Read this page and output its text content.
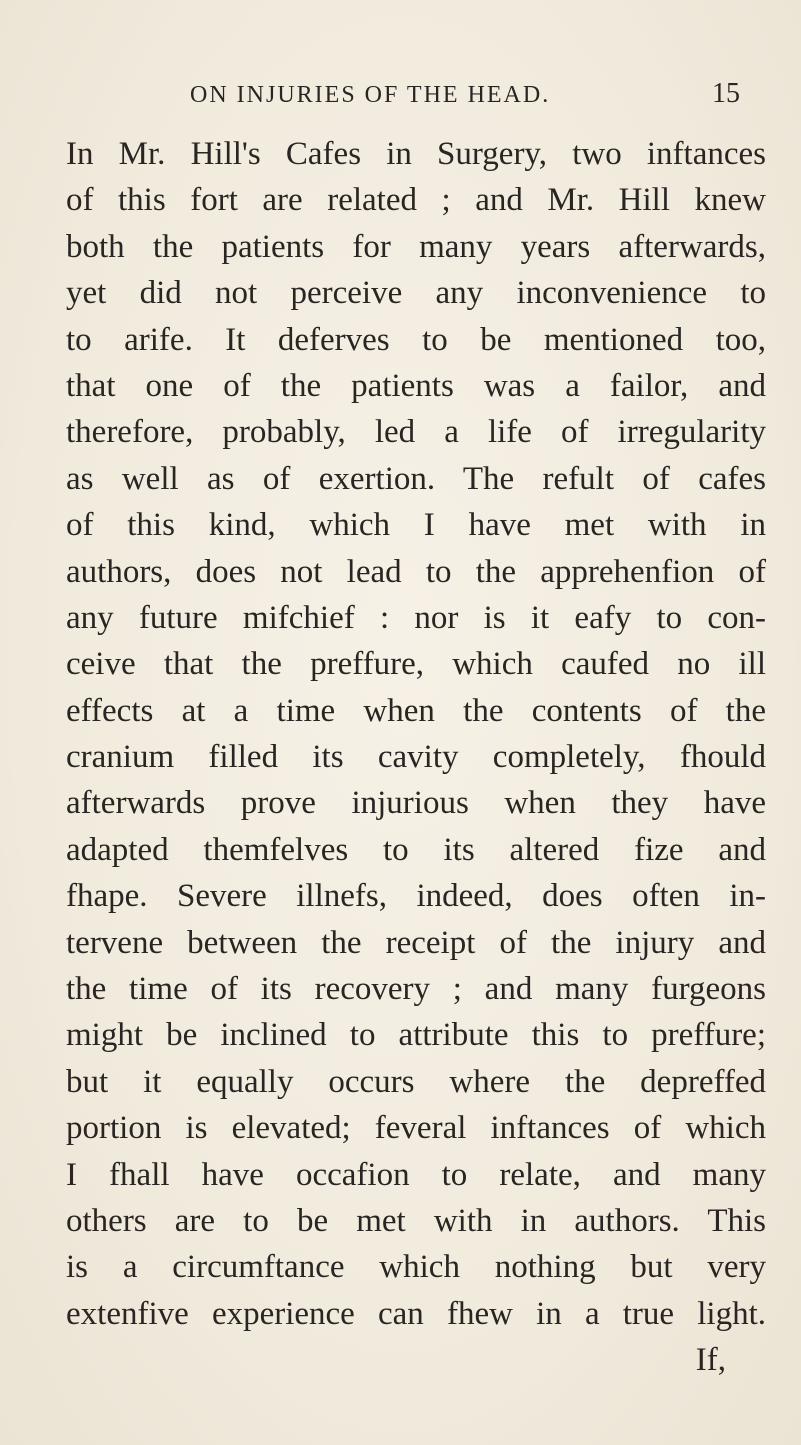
ON INJURIES OF THE HEAD.	15
In Mr. Hill's Cafes in Surgery, two inftances
of this fort are related ; and Mr. Hill knew
both the patients for many years afterwards,
yet did not perceive any inconvenience to
to arife. It deferves to be mentioned too,
that one of the patients was a failor, and
therefore, probably, led a life of irregularity
as well as of exertion. The refult of cafes
of this kind, which I have met with in
authors, does not lead to the apprehenfion of
any future mifchief : nor is it eafy to con-
ceive that the preffure, which caufed no ill
effects at a time when the contents of the
cranium filled its cavity completely, fhould
afterwards prove injurious when they have
adapted themfelves to its altered fize and
fhape. Severe illnefs, indeed, does often in-
tervene between the receipt of the injury and
the time of its recovery ; and many furgeons
might be inclined to attribute this to preffure;
but it equally occurs where the depreffed
portion is elevated; feveral inftances of which
I fhall have occafion to relate, and many
others are to be met with in authors. This
is a circumftance which nothing but very
extenfive experience can fhew in a true light.
If,
